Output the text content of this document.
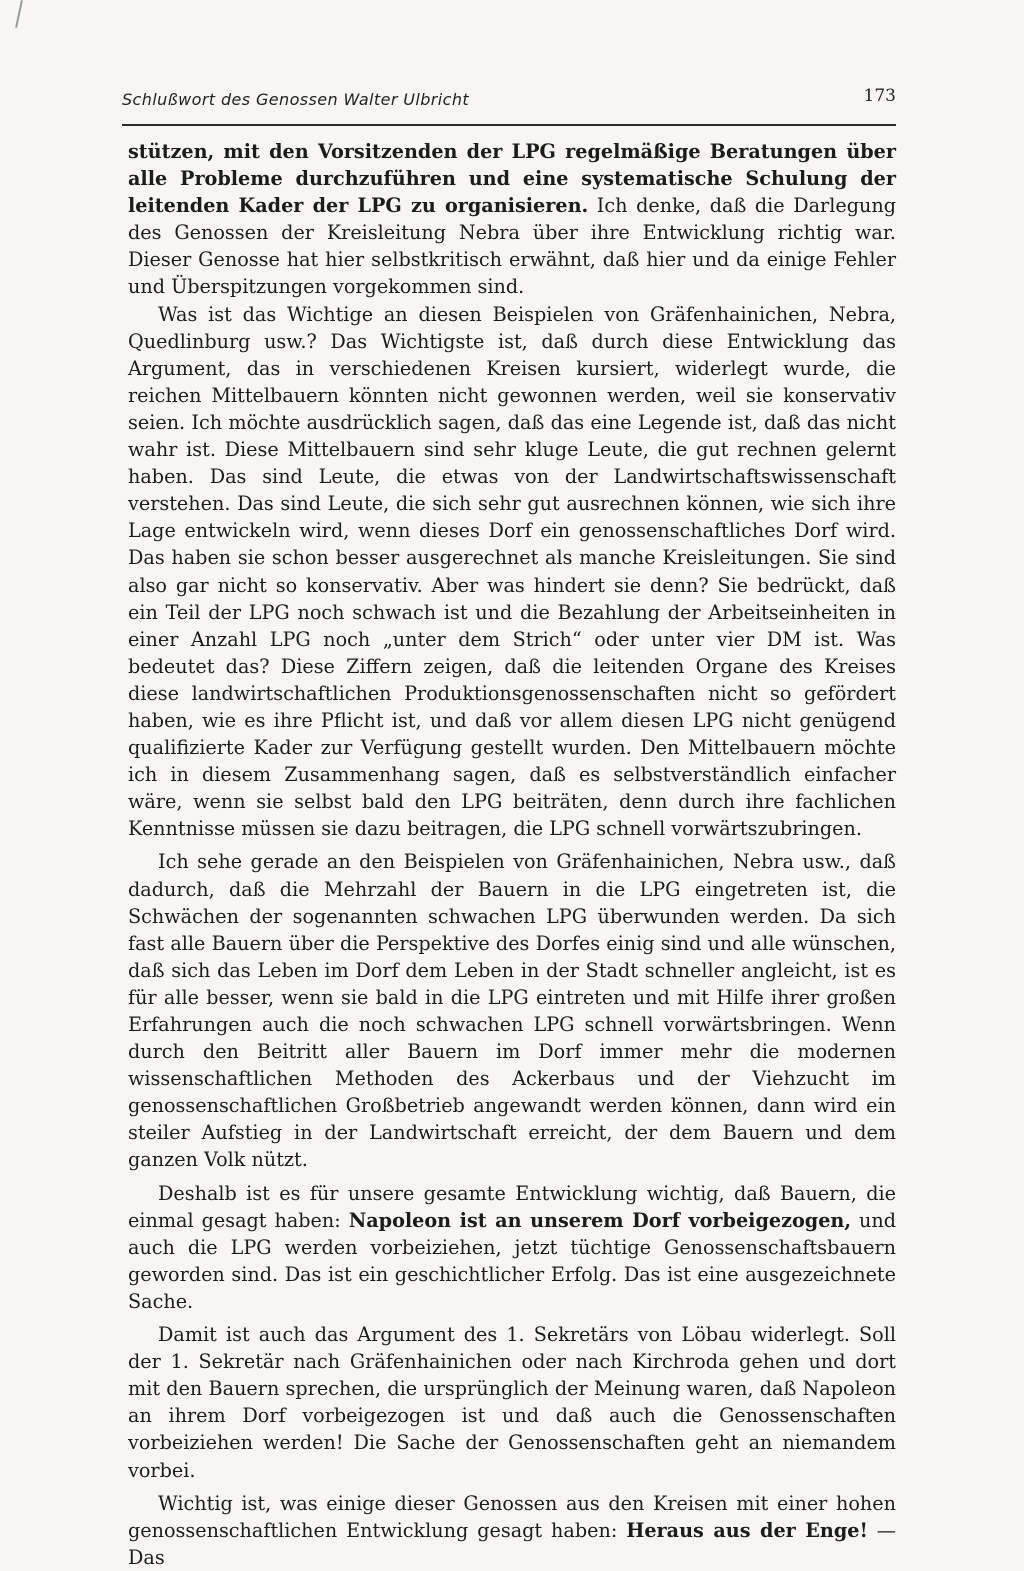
Schlußwort des Genossen Walter Ulbricht	173

stützen, mit den Vorsitzenden der LPG regelmäßige Beratungen über alle Probleme durchzuführen und eine systematische Schulung der leitenden Kader der LPG zu organisieren. Ich denke, daß die Darlegung des Genossen der Kreisleitung Nebra über ihre Entwicklung richtig war. Dieser Genosse hat hier selbstkritisch erwähnt, daß hier und da einige Fehler und Überspitzungen vorgekommen sind.

Was ist das Wichtige an diesen Beispielen von Gräfenhainichen, Nebra, Quedlinburg usw.? Das Wichtigste ist, daß durch diese Entwicklung das Argument, das in verschiedenen Kreisen kursiert, widerlegt wurde, die reichen Mittelbauern könnten nicht gewonnen werden, weil sie konservativ seien. Ich möchte ausdrücklich sagen, daß das eine Legende ist, daß das nicht wahr ist. Diese Mittelbauern sind sehr kluge Leute, die gut rechnen gelernt haben. Das sind Leute, die etwas von der Landwirtschaftswissenschaft verstehen. Das sind Leute, die sich sehr gut ausrechnen können, wie sich ihre Lage entwickeln wird, wenn dieses Dorf ein genossenschaftliches Dorf wird. Das haben sie schon besser ausgerechnet als manche Kreisleitungen. Sie sind also gar nicht so konservativ. Aber was hindert sie denn? Sie bedrückt, daß ein Teil der LPG noch schwach ist und die Bezahlung der Arbeitseinheiten in einer Anzahl LPG noch „unter dem Strich“ oder unter vier DM ist. Was bedeutet das? Diese Ziffern zeigen, daß die leitenden Organe des Kreises diese landwirtschaftlichen Produktionsgenossenschaften nicht so gefördert haben, wie es ihre Pflicht ist, und daß vor allem diesen LPG nicht genügend qualifizierte Kader zur Verfügung gestellt wurden. Den Mittelbauern möchte ich in diesem Zusammenhang sagen, daß es selbstverständlich einfacher wäre, wenn sie selbst bald den LPG beiträten, denn durch ihre fachlichen Kenntnisse müssen sie dazu beitragen, die LPG schnell vorwärtszubringen.

Ich sehe gerade an den Beispielen von Gräfenhainichen, Nebra usw., daß dadurch, daß die Mehrzahl der Bauern in die LPG eingetreten ist, die Schwächen der sogenannten schwachen LPG überwunden werden. Da sich fast alle Bauern über die Perspektive des Dorfes einig sind und alle wünschen, daß sich das Leben im Dorf dem Leben in der Stadt schneller angleicht, ist es für alle besser, wenn sie bald in die LPG eintreten und mit Hilfe ihrer großen Erfahrungen auch die noch schwachen LPG schnell vorwärtsbringen. Wenn durch den Beitritt aller Bauern im Dorf immer mehr die modernen wissenschaftlichen Methoden des Ackerbaus und der Viehzucht im genossenschaftlichen Großbetrieb angewandt werden können, dann wird ein steiler Aufstieg in der Landwirtschaft erreicht, der dem Bauern und dem ganzen Volk nützt.

Deshalb ist es für unsere gesamte Entwicklung wichtig, daß Bauern, die einmal gesagt haben: Napoleon ist an unserem Dorf vorbeigezogen, und auch die LPG werden vorbeiziehen, jetzt tüchtige Genossenschaftsbauern geworden sind. Das ist ein geschichtlicher Erfolg. Das ist eine ausgezeichnete Sache.

Damit ist auch das Argument des 1. Sekretärs von Löbau widerlegt. Soll der 1. Sekretär nach Gräfenhainichen oder nach Kirchroda gehen und dort mit den Bauern sprechen, die ursprünglich der Meinung waren, daß Napoleon an ihrem Dorf vorbeigezogen ist und daß auch die Genossenschaften vorbeiziehen werden! Die Sache der Genossenschaften geht an niemandem vorbei.

Wichtig ist, was einige dieser Genossen aus den Kreisen mit einer hohen genossenschaftlichen Entwicklung gesagt haben: Heraus aus der Enge! — Das
